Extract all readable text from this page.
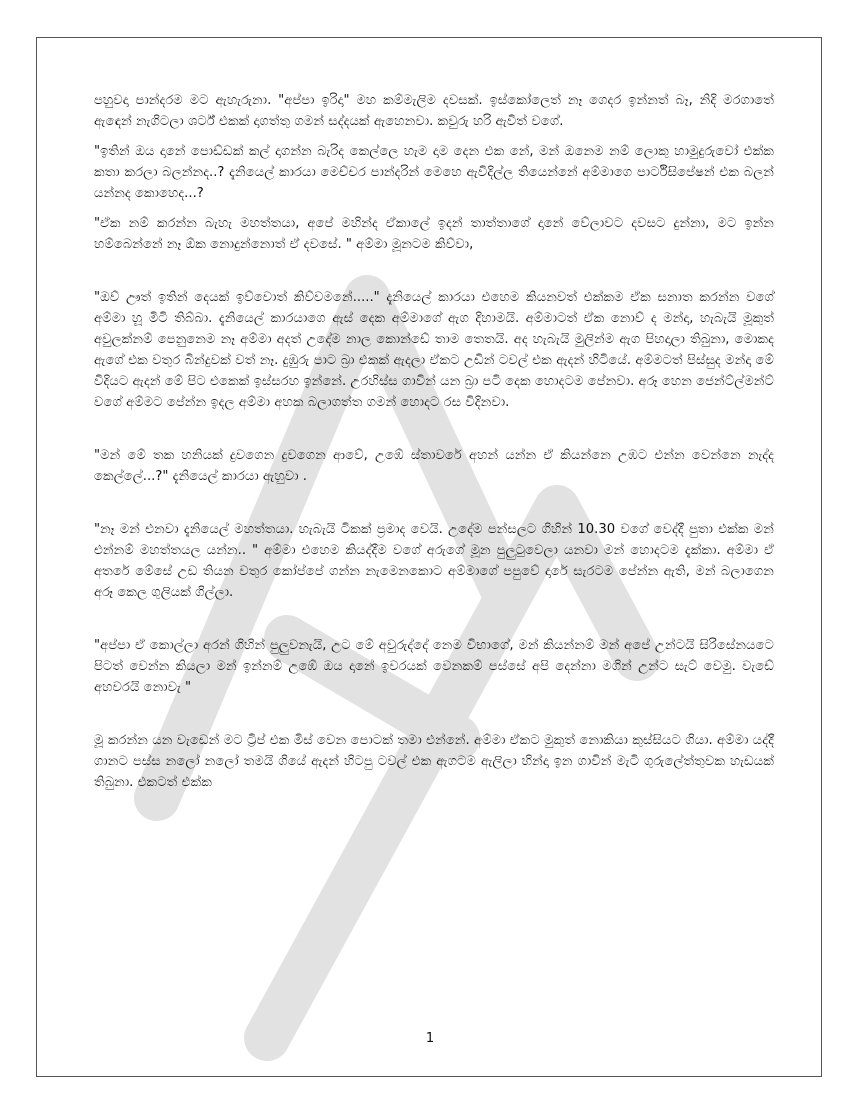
පහුවදා පාන්දරම මට ඇහැරුනා. "අප්පා ඉරිදා" මහ කම්මැලිම දවසක්. ඉස්කෝලෙත් නෑ ගෙදර ඉන්නත් බෑ, නිදි මරගාතේ ඇඳෙන් නැගිටලා ශර්ට් එකක් දාගත්තු ගමන් සද්දයක් ඇහෙනවා. කවුරු හරි ඇවිත් වගේ.

"ඉතින් ඔය දානේ පොඩ්ඩක් කල් දාගන්න බැරිද කෙල්ලෙ හැම දාම දෙන එක නේ, මන් ඔනෙම නම් ලොකු හාමුදුරුවෝ එක්ක කතා කරලා බලන්නද..? දැනියෙල් කාරයා මෙච්චර පාන්දරින් මෙහෙ ඇවිදිල්ල තියෙන්නේ අම්මාගෙ පාර්ටිසිපේෂන් එක බලන් යන්නද කොහෙද...?

"ඒක නම් කරන්න බැහැ මහත්තයා, අපේ මහින්ද ඒකාලේ ඉදන් තාත්තාගේ දානේ වේලාවට දවසට දුන්නා, මට ඉන්න හම්බෙන්නේ නෑ ඕක නොදුන්නොත් ඒ දවසේ. " අම්මා මූනටම කිව්වා,

"ඔව් ඌත් ඉතින් දෙයක් ඉව්වොත් කිව්වමනේ....." දැනියෙල් කාරයා එහෙම කියනවත් එක්කම ඒක සනාත කරන්න වගේ අම්මා හූ මිටි තිබ්බා. දැනියෙල් කාරයාගෙ ඇස් දෙක අම්මාගේ ඇග දිහාමයි. අම්මාටත් ඒක නොව් ද මන්දා, හැබැයි මූකුත් අවුලක්නම් පෙනුනෙම නෑ අම්මා අදත් උදේම නාල කොන්ඩේ තාම තෙතයි. අද හැබැයි මුලින්ම ඇග පිහදාලා තිබුනා, මොකද ඇගේ එක වතුර බින්දුවක් වත් නෑ. දුඹුරු පාට බ්‍රා එකක් ඇදලා ඒකට උඩින් ටවල් එක ඇදන් හිටියේ. අම්මටත් පිස්සුද මන්දා මේ විදියට ඇදන් මේ පිට එකෙක් ඉස්සරහ ඉන්නේ. උරහිස්ස ගාවින් යන බ්‍රා පටි දෙක හොදටම පේනවා. අරූ හෙන ජෙන්ට්ල්මන්ට් වගේ අම්මට පේන්න ඉදල අම්මා අහක බලාගත්ත ගමන් හොදට රස විදිනවා.

"මන් මේ තක හනියක් දුවගෙන දුවගෙන ආවේ, උඹේ ස්තාවරේ අහන් යන්න ඒ කියන්නෙ උඹට එන්න වෙන්නෙ නැද්ද කෙල්ලේ...?" දැනියෙල් කාරයා ඇහුවා .

"නෑ මන් එනවා දැනියෙල් මහත්තයා. හැබැයි ටිකක් ප්‍රමාද වෙයි. උදේම පන්සලට ගිහින් 10.30 වගේ වෙද්දී පුතා එක්ක මන් එන්නම් මහත්තයල යන්න.. " අම්මා එහෙම කියද්දීම වගේ අරුගේ මූන පුලුටුවෙලා යනවා මන් හොදටම දැක්කා. අම්මා ඒ අතරේ මේසේ උඩ තියන වතුර කෝප්පේ ගන්න නැමෙනකොට අම්මාගේ පපුවේ දාරේ සැරටම පේන්න ඇති, මන් බලාගෙන අරූ කෙල ගුලියක් ගිල්ලා.

"අප්පා ඒ කොල්ලා අරන් ගිහින් පුලුවනැයි, උට මේ අවුරුද්දේ නෙම විභාගේ, මන් කියන්නම් මන් අපේ උන්ටයි සිරිසේනයටෙ පිටත් වෙන්න කියලා මන් ඉන්නම් උඹේ ඔය දානේ ඉවරයක් වෙනකම් පස්සේ අපි දෙන්නා මගින් උන්ට සැට් වෙමු. වැඩේ අහවරයි නොවැ "

මූ කරන්න යන වැඩෙන් මට ට්‍රිප් එක මිස් වෙන පොටක් තමා එන්නේ. අම්මා ඒකට මුකුත් නොකියා කුස්සියට ගියා. අම්මා යද්දී ගානට පස්ස නලෝ නලෝ තමයි ගියේ ඇදන් හිටපු ටවල් එක ඇගටම ඇලිලා හින්දා ඉන ගාවින් මැටි ගුරුලේත්තුවක හැඩයක් තිබුනා. එකටත් එක්ක

1
